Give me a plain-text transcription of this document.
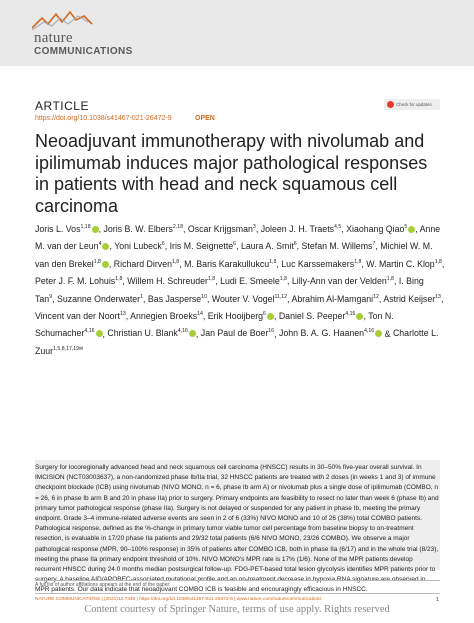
nature
COMMUNICATIONS
ARTICLE	Check for updates
https://doi.org/10.1038/s41467-021-26472-9	OPEN
Neoadjuvant immunotherapy with nivolumab and ipilimumab induces major pathological responses in patients with head and neck squamous cell carcinoma
Joris L. Vos$^{1,18}$ , Joris B. W. Elbers$^{2,18}$, Oscar Krijgsman$^3$, Joleen J. H. Traets$^{4,5}$, Xiaohang Qiao$^5$ , Anne M. van der Leun$^4$ , Yoni Lubeck$^6$, Iris M. Seignette$^6$, Laura A. Smit$^6$, Stefan M. Willems$^7$, Michiel W. M. van den Brekel$^{1,8}$ , Richard Dirven$^{1,8}$, M. Baris Karakullukcu$^{1,8}$, Luc Karssemakers$^{1,8}$, W. Martin C. Klop$^{1,8}$, Peter J. F. M. Lohuis$^{1,8}$, Willem H. Schreuder$^{1,8}$, Ludi E. Smeele$^{1,8}$, Lilly-Ann van der Velden$^{1,8}$, I. Bing Tan$^9$, Suzanne Onderwater$^1$, Bas Jasperse$^{10}$, Wouter V. Vogel$^{11,12}$, Abrahim Al-Mamgani$^{12}$, Astrid Keijser$^{13}$, Vincent van der Noort$^{13}$, Annegien Broeks$^{14}$, Erik Hooijberg$^6$ , Daniel S. Peeper$^{4,15}$ , Ton N. Schumacher$^{4,16}$ , Christian U. Blank$^{4,16}$ , Jan Paul de Boer$^{16}$, John B. A. G. Haanen$^{4,16}$ & Charlotte L. Zuur$^{1,5,8,17,19✉}$

Surgery for locoregionally advanced head and neck squamous cell carcinoma (HNSCC) results in 30–50% five-year overall survival. In IMCISION (NCT03003637), a non-randomized phase Ib/IIa trial, 32 HNSCC patients are treated with 2 doses (in weeks 1 and 3) of immune checkpoint blockade (ICB) using nivolumab (NIVO MONO, n = 6, phase Ib arm A) or nivolumab plus a single dose of ipilimumab (COMBO, n = 26, 6 in phase Ib arm B and 20 in phase IIa) prior to surgery. Primary endpoints are feasibility to resect no later than week 6 (phase Ib) and primary tumor pathological response (phase IIa). Surgery is not delayed or suspended for any patient in phase Ib, meeting the primary endpoint. Grade 3–4 immune-related adverse events are seen in 2 of 6 (33%) NIVO MONO and 10 of 26 (38%) total COMBO patients. Pathological response, defined as the %-change in primary tumor viable tumor cell percentage from baseline biopsy to on-treatment resection, is evaluable in 17/20 phase IIa patients and 29/32 total patients (6/6 NIVO MONO, 23/26 COMBO). We observe a major pathological response (MPR, 90–100% response) in 35% of patients after COMBO ICB, both in phase IIa (6/17) and in the whole trial (8/23), meeting the phase IIa primary endpoint threshold of 10%. NIVO MONO's MPR rate is 17% (1/6). None of the MPR patients develop recurrent HNSCC during 24.0 months median postsurgical follow-up. FDG-PET-based total lesion glycolysis identifies MPR patients prior to surgery. A baseline AID/APOBEC-associated mutational profile and an on-treatment decrease in hypoxia RNA signature are observed in MPR patients. Our data indicate that neoadjuvant COMBO ICB is feasible and encouragingly efficacious in HNSCC.

A full list of author affiliations appears at the end of the paper.
NATURE COMMUNICATIONS | (2021)12:7348 | https://doi.org/10.1038/s41467-021-26472-9 | www.nature.com/naturecommunications	1
Content courtesy of Springer Nature, terms of use apply. Rights reserved
